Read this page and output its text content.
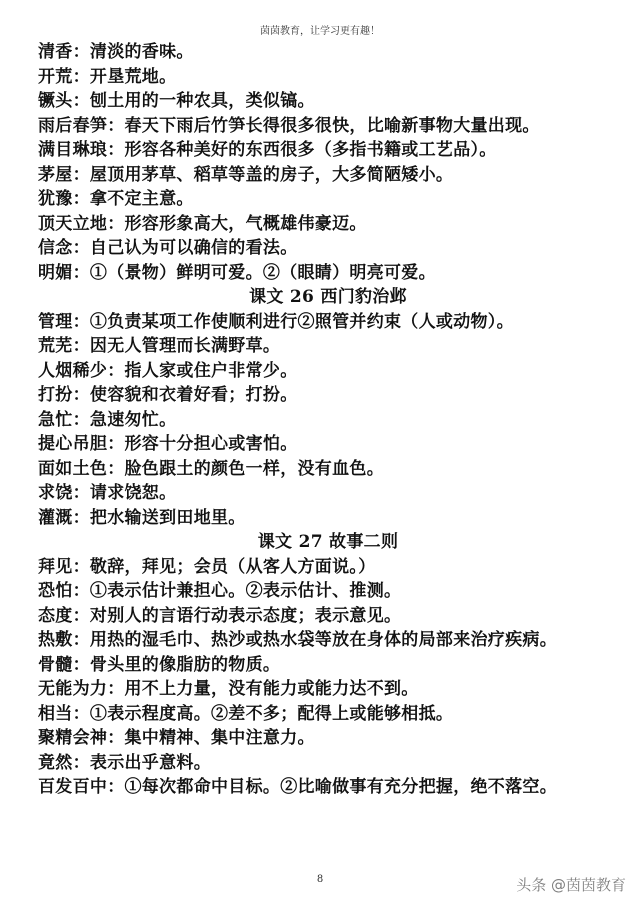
茵茵教育，让学习更有趣！
清香：清淡的香味。
开荒：开垦荒地。
镢头：刨土用的一种农具，类似镐。
雨后春笋：春天下雨后竹笋长得很多很快，比喻新事物大量出现。
满目琳琅：形容各种美好的东西很多（多指书籍或工艺品）。
茅屋：屋顶用茅草、稻草等盖的房子，大多简陋矮小。
犹豫：拿不定主意。
顶天立地：形容形象高大，气概雄伟豪迈。
信念：自己认为可以确信的看法。
明媚：①（景物）鲜明可爱。②（眼睛）明亮可爱。
课文 26 西门豹治邺
管理：①负责某项工作使顺利进行②照管并约束（人或动物）。
荒芜：因无人管理而长满野草。
人烟稀少：指人家或住户非常少。
打扮：使容貌和衣着好看；打扮。
急忙：急速匆忙。
提心吊胆：形容十分担心或害怕。
面如土色：脸色跟土的颜色一样，没有血色。
求饶：请求饶恕。
灌溉：把水输送到田地里。
课文 27 故事二则
拜见：敬辞，拜见；会员（从客人方面说。）
恐怕：①表示估计兼担心。②表示估计、推测。
态度：对别人的言语行动表示态度；表示意见。
热敷：用热的湿毛巾、热沙或热水袋等放在身体的局部来治疗疾病。
骨髓：骨头里的像脂肪的物质。
无能为力：用不上力量，没有能力或能力达不到。
相当：①表示程度高。②差不多；配得上或能够相抵。
聚精会神：集中精神、集中注意力。
竟然：表示出乎意料。
百发百中：①每次都命中目标。②比喻做事有充分把握，绝不落空。
8	头条 @茵茵教育
